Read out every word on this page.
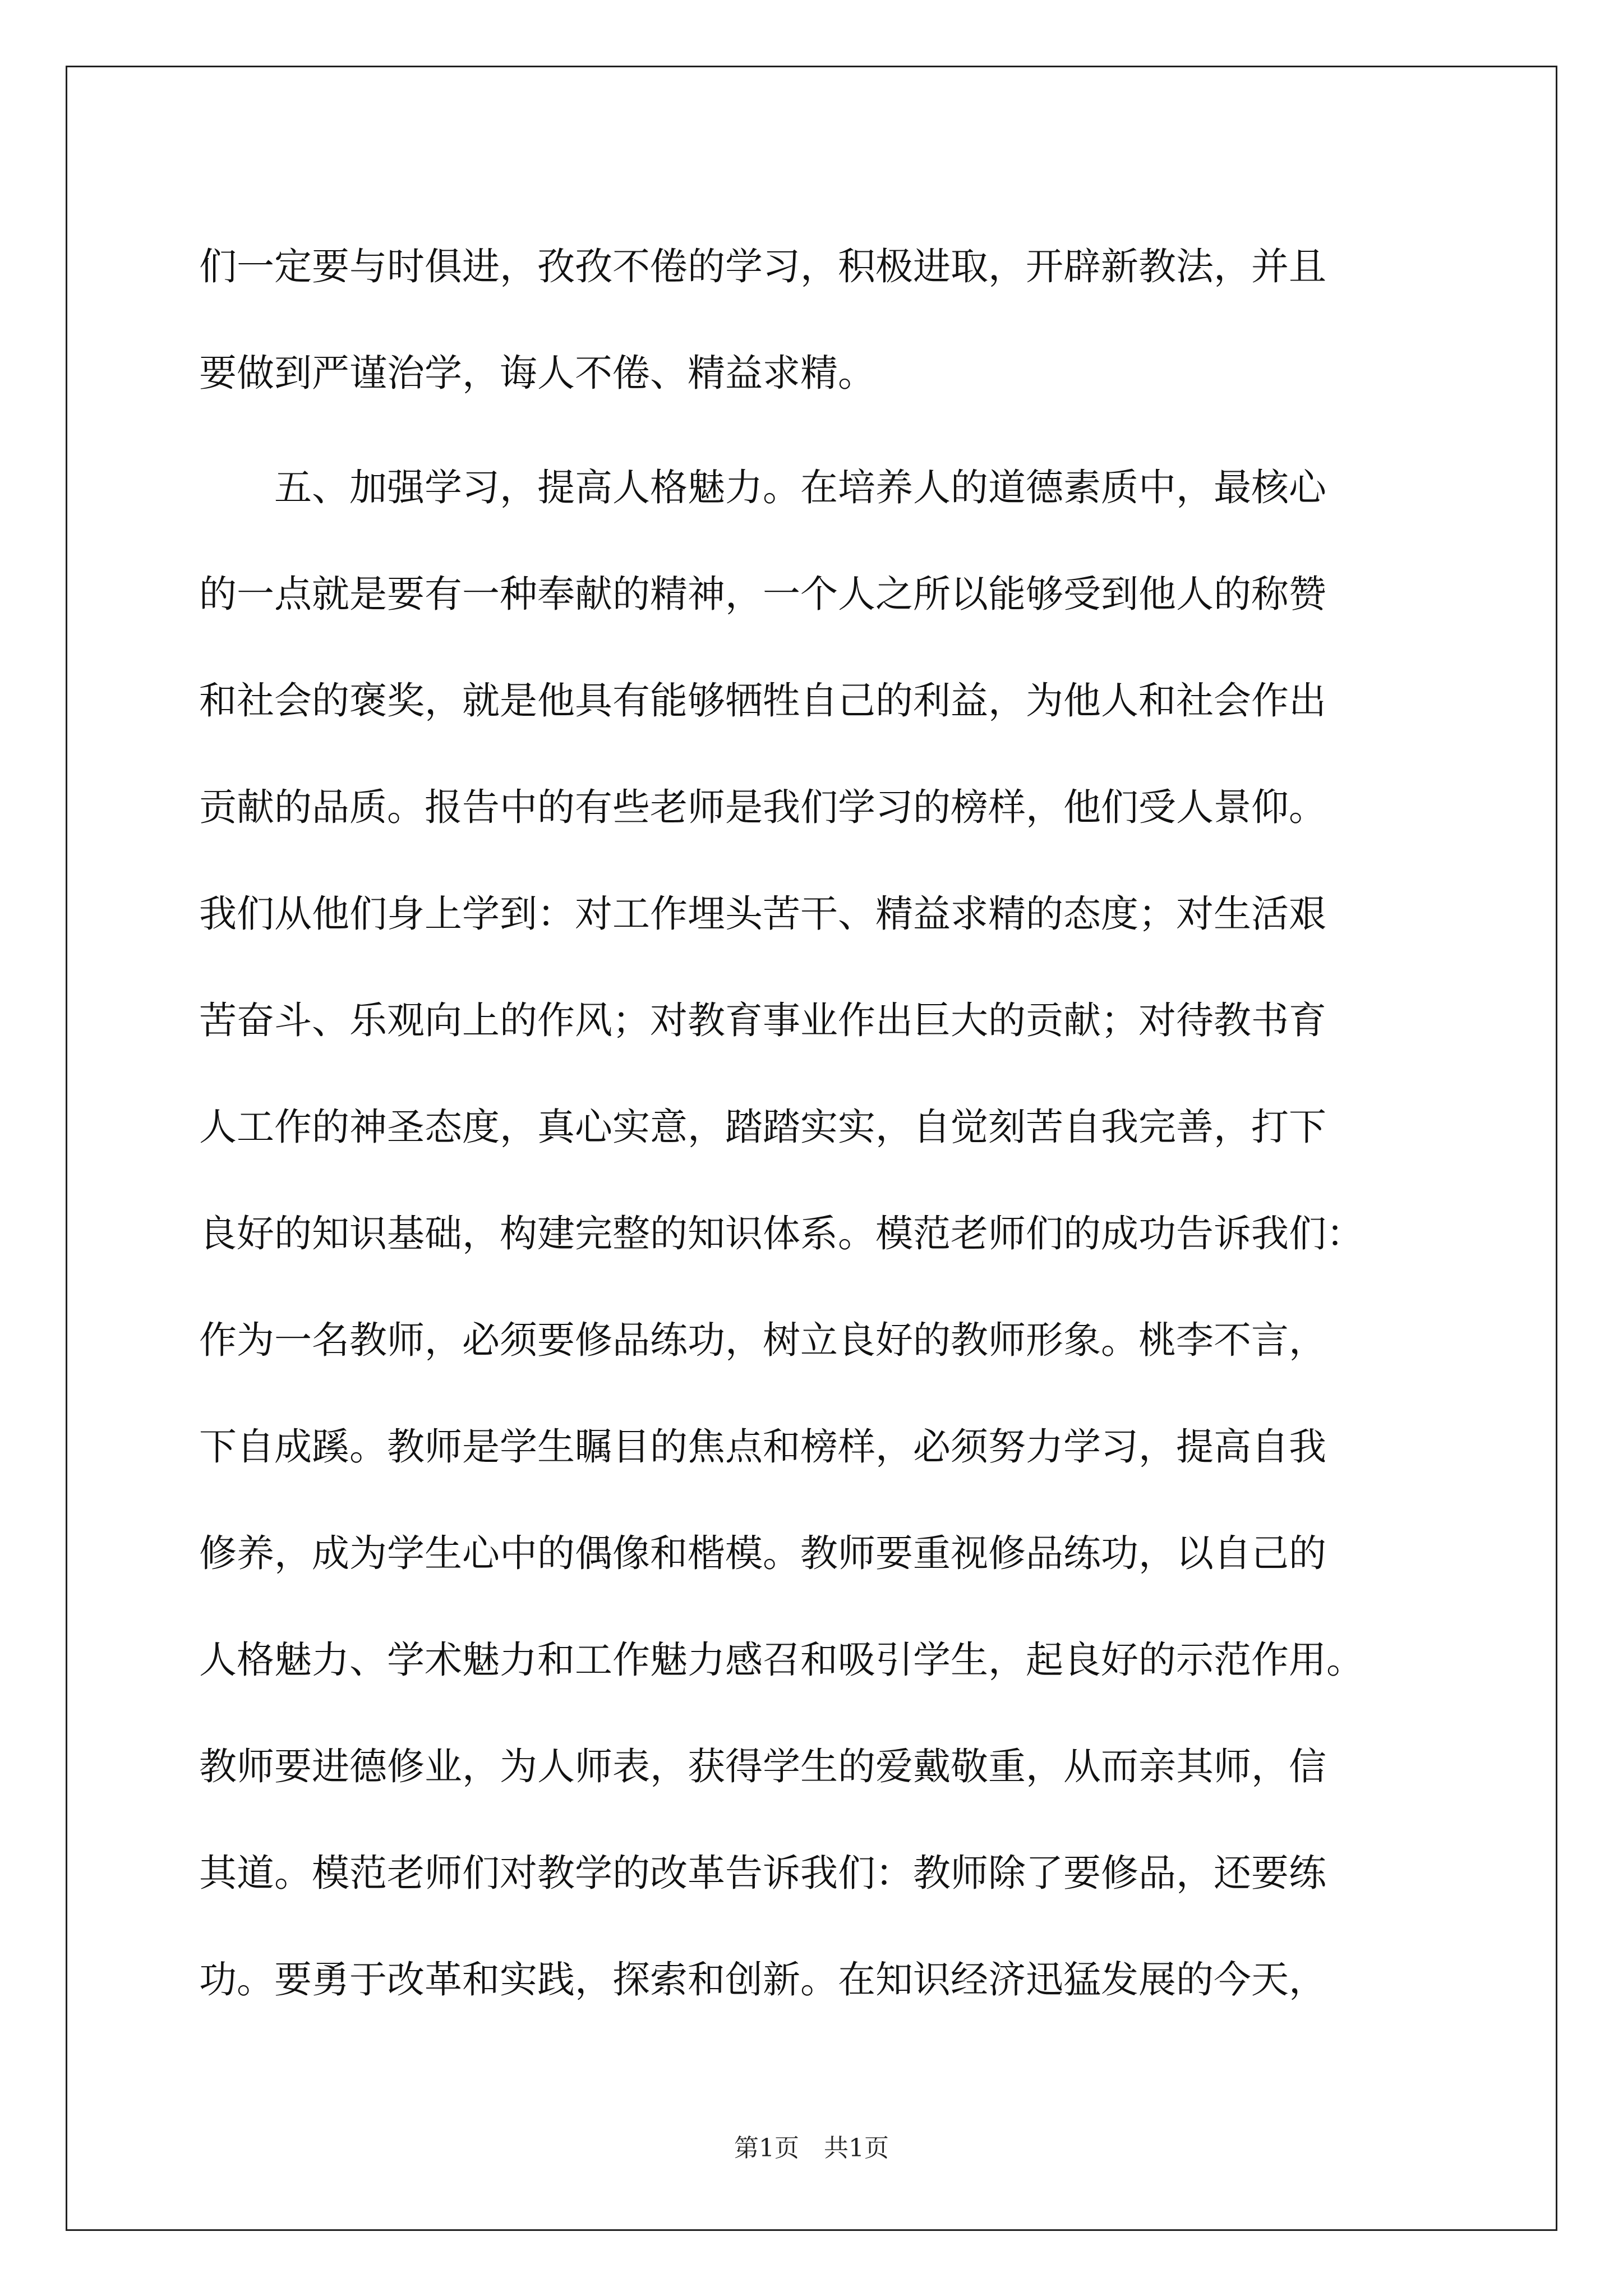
们一定要与时俱进，孜孜不倦的学习，积极进取，开辟新教法，并且
要做到严谨治学，诲人不倦、精益求精。
　　五、加强学习，提高人格魅力。在培养人的道德素质中，最核心
的一点就是要有一种奉献的精神，一个人之所以能够受到他人的称赞
和社会的褒奖，就是他具有能够牺牲自己的利益，为他人和社会作出
贡献的品质。报告中的有些老师是我们学习的榜样，他们受人景仰。
我们从他们身上学到：对工作埋头苦干、精益求精的态度；对生活艰
苦奋斗、乐观向上的作风；对教育事业作出巨大的贡献；对待教书育
人工作的神圣态度，真心实意，踏踏实实，自觉刻苦自我完善，打下
良好的知识基础，构建完整的知识体系。模范老师们的成功告诉我们：
作为一名教师，必须要修品练功，树立良好的教师形象。桃李不言，
下自成蹊。教师是学生瞩目的焦点和榜样，必须努力学习，提高自我
修养，成为学生心中的偶像和楷模。教师要重视修品练功，以自己的
人格魅力、学术魅力和工作魅力感召和吸引学生，起良好的示范作用。
教师要进德修业，为人师表，获得学生的爱戴敬重，从而亲其师，信
其道。模范老师们对教学的改革告诉我们：教师除了要修品，还要练
功。要勇于改革和实践，探索和创新。在知识经济迅猛发展的今天，
第1页 共1页
